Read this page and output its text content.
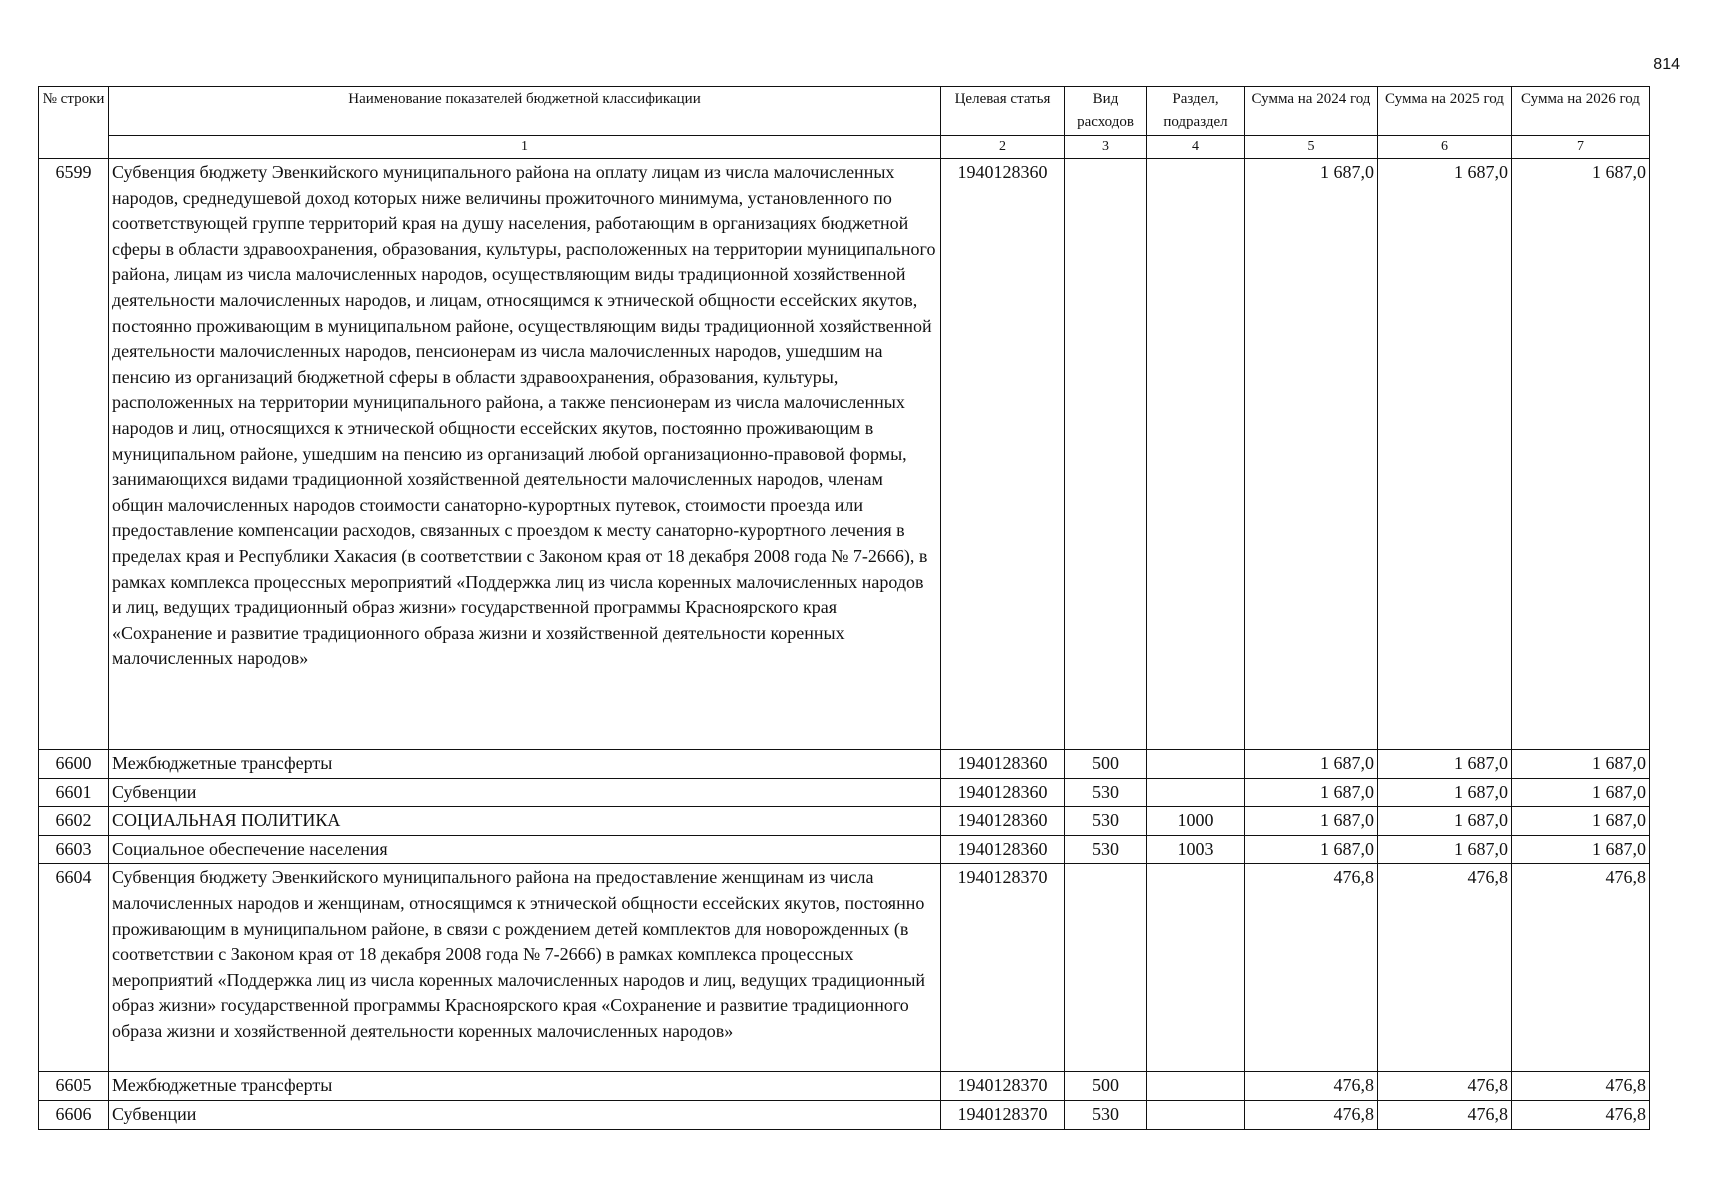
814
№ строки	Наименование показателей бюджетной классификации	Целевая статья	Вид расходов	Раздел, подраздел	Сумма на 2024 год	Сумма на 2025 год	Сумма на 2026 год
	1	2	3	4	5	6	7
6599	Субвенция бюджету Эвенкийского муниципального района на оплату лицам из числа малочисленных народов, среднедушевой доход которых ниже величины прожиточного минимума, установленного по соответствующей группе территорий края на душу населения, работающим в организациях бюджетной сферы в области здравоохранения, образования, культуры, расположенных на территории муниципального района, лицам из числа малочисленных народов, осуществляющим виды традиционной хозяйственной деятельности малочисленных народов, и лицам, относящимся к этнической общности ессейских якутов, постоянно проживающим в муниципальном районе, осуществляющим виды традиционной хозяйственной деятельности малочисленных народов, пенсионерам из числа малочисленных народов, ушедшим на пенсию из организаций бюджетной сферы в области здравоохранения, образования, культуры, расположенных на территории муниципального района, а также пенсионерам из числа малочисленных народов и лиц, относящихся к этнической общности ессейских якутов, постоянно проживающим в муниципальном районе, ушедшим на пенсию из организаций любой организационно-правовой формы, занимающихся видами традиционной хозяйственной деятельности малочисленных народов, членам общин малочисленных народов стоимости санаторно-курортных путевок, стоимости проезда или предоставление компенсации расходов, связанных с проездом к месту санаторно-курортного лечения в пределах края и Республики Хакасия (в соответствии с Законом края от 18 декабря 2008 года № 7-2666), в рамках комплекса процессных мероприятий «Поддержка лиц из числа коренных малочисленных народов и лиц, ведущих традиционный образ жизни» государственной программы Красноярского края «Сохранение и развитие традиционного образа жизни и хозяйственной деятельности коренных малочисленных народов»	1940128360			1 687,0	1 687,0	1 687,0
6600	Межбюджетные трансферты	1940128360	500		1 687,0	1 687,0	1 687,0
6601	Субвенции	1940128360	530		1 687,0	1 687,0	1 687,0
6602	СОЦИАЛЬНАЯ ПОЛИТИКА	1940128360	530	1000	1 687,0	1 687,0	1 687,0
6603	Социальное обеспечение населения	1940128360	530	1003	1 687,0	1 687,0	1 687,0
6604	Субвенция бюджету Эвенкийского муниципального района на предоставление женщинам из числа малочисленных народов и женщинам, относящимся к этнической общности ессейских якутов, постоянно проживающим в муниципальном районе, в связи с рождением детей комплектов для новорожденных (в соответствии с Законом края от 18 декабря 2008 года № 7-2666) в рамках комплекса процессных мероприятий «Поддержка лиц из числа коренных малочисленных народов и лиц, ведущих традиционный образ жизни» государственной программы Красноярского края «Сохранение и развитие традиционного образа жизни и хозяйственной деятельности коренных малочисленных народов»	1940128370			476,8	476,8	476,8
6605	Межбюджетные трансферты	1940128370	500		476,8	476,8	476,8
6606	Субвенции	1940128370	530		476,8	476,8	476,8
